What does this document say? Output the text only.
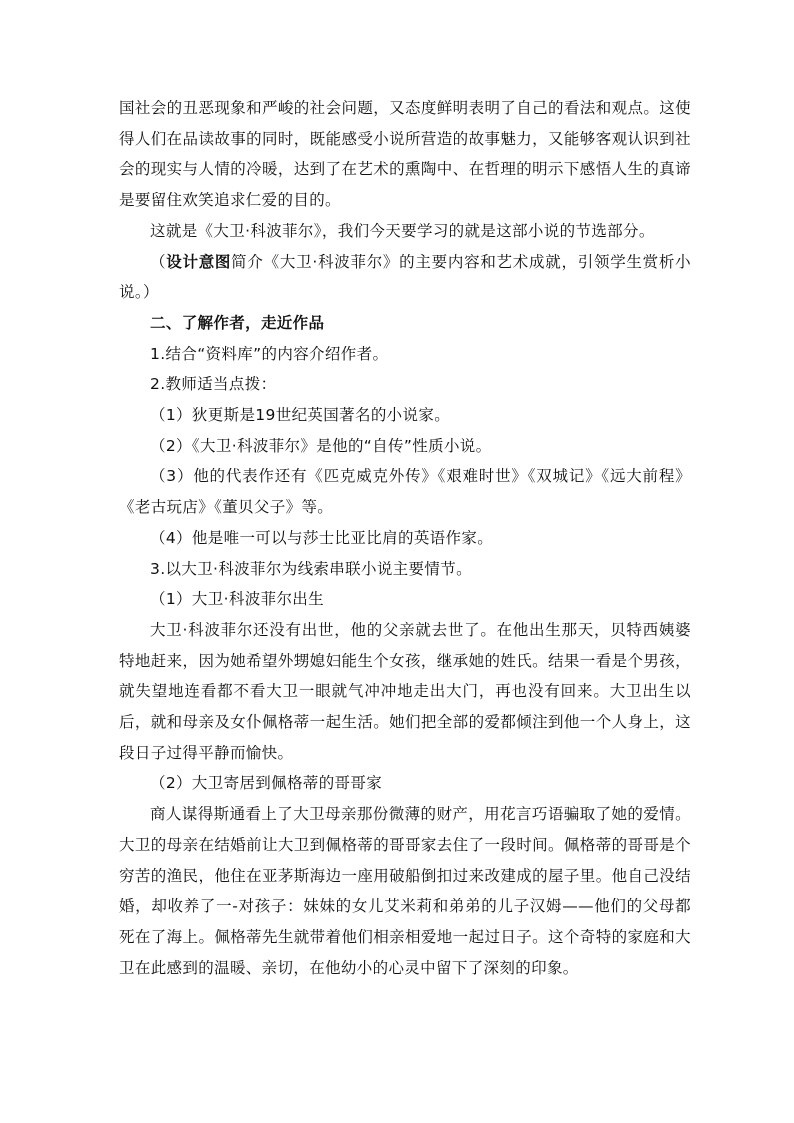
国社会的丑恶现象和严峻的社会问题，又态度鲜明表明了自己的看法和观点。这使得人们在品读故事的同时，既能感受小说所营造的故事魅力，又能够客观认识到社会的现实与人情的冷暖，达到了在艺术的熏陶中、在哲理的明示下感悟人生的真谛是要留住欢笑追求仁爱的目的。

这就是《大卫·科波菲尔》，我们今天要学习的就是这部小说的节选部分。

（设计意图简介《大卫·科波菲尔》的主要内容和艺术成就，引领学生赏析小说。）

二、了解作者，走近作品

1.结合“资料库”的内容介绍作者。

2.教师适当点拨：

（1）狄更斯是19世纪英国著名的小说家。

（2）《大卫·科波菲尔》是他的“自传”性质小说。

（3）他的代表作还有《匹克威克外传》《艰难时世》《双城记》《远大前程》《老古玩店》《董贝父子》等。

（4）他是唯一可以与莎士比亚比肩的英语作家。

3.以大卫·科波菲尔为线索串联小说主要情节。

（1）大卫·科波菲尔出生

大卫·科波菲尔还没有出世，他的父亲就去世了。在他出生那天，贝特西姨婆特地赶来，因为她希望外甥媳妇能生个女孩，继承她的姓氏。结果一看是个男孩，就失望地连看都不看大卫一眼就气冲冲地走出大门，再也没有回来。大卫出生以后，就和母亲及女仆佩格蒂一起生活。她们把全部的爱都倾注到他一个人身上，这段日子过得平静而愉快。

（2）大卫寄居到佩格蒂的哥哥家

商人谋得斯通看上了大卫母亲那份微薄的财产，用花言巧语骗取了她的爱情。大卫的母亲在结婚前让大卫到佩格蒂的哥哥家去住了一段时间。佩格蒂的哥哥是个穷苦的渔民，他住在亚茅斯海边一座用破船倒扣过来改建成的屋子里。他自己没结婚，却收养了一-对孩子：妹妹的女儿艾米莉和弟弟的儿子汉姆——他们的父母都死在了海上。佩格蒂先生就带着他们相亲相爱地一起过日子。这个奇特的家庭和大卫在此感到的温暖、亲切，在他幼小的心灵中留下了深刻的印象。
